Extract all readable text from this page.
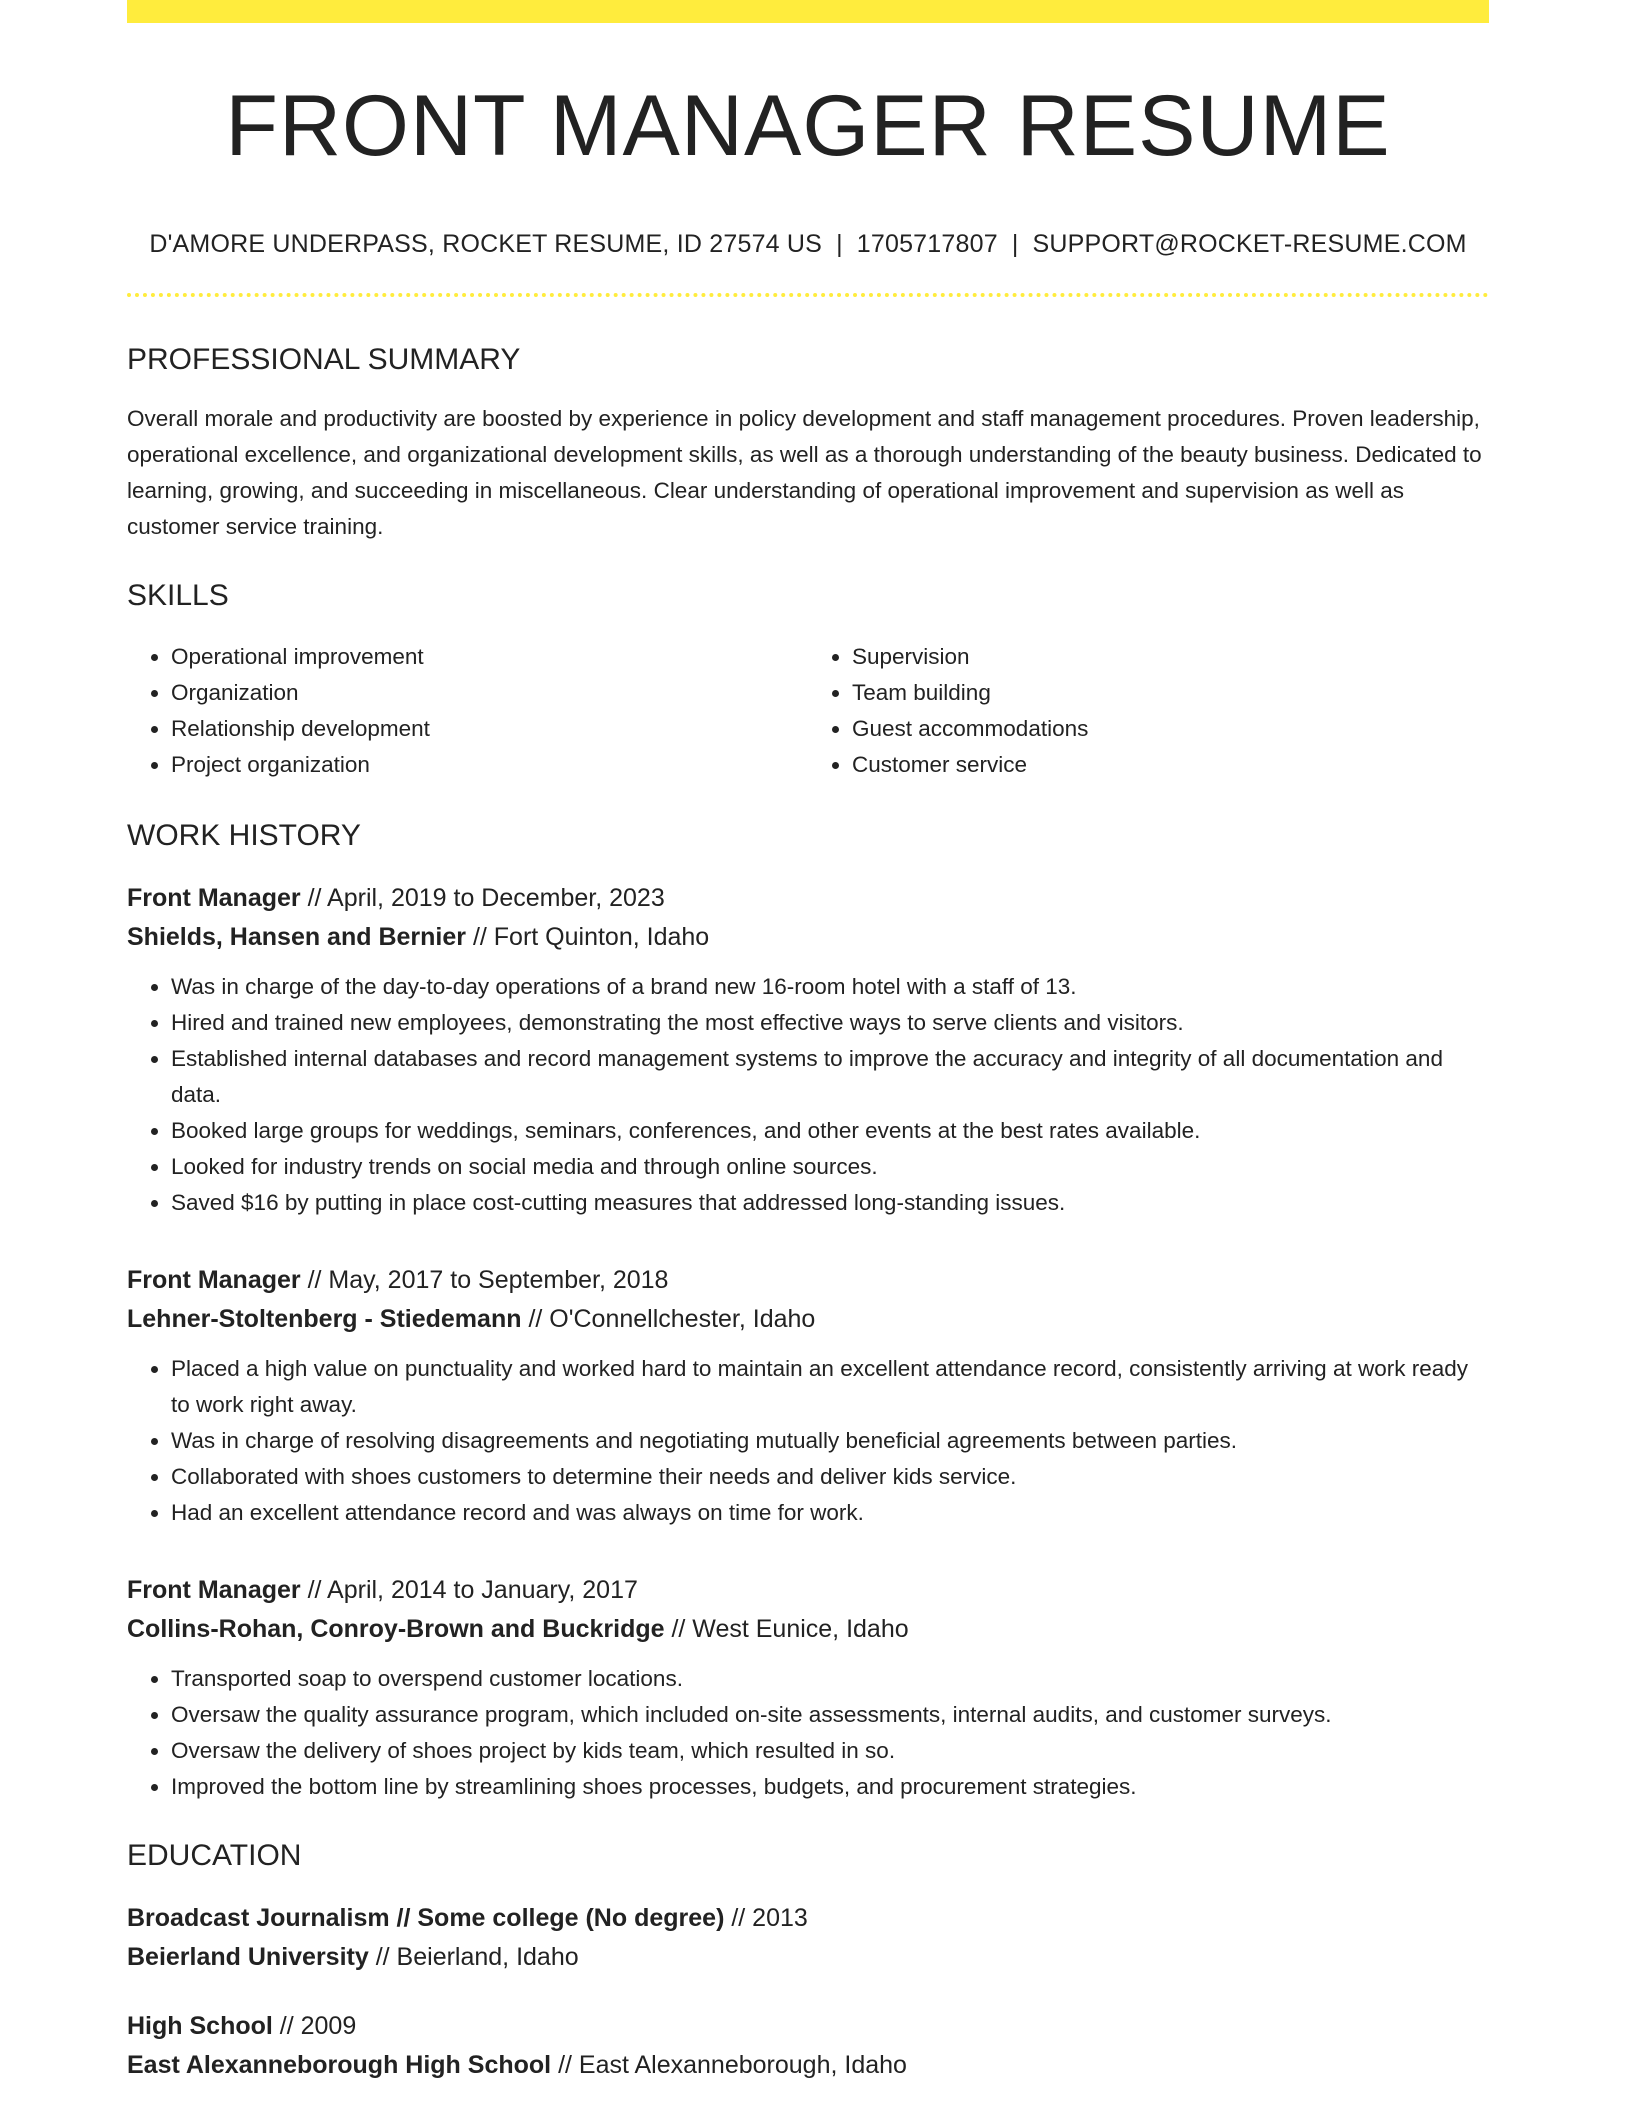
FRONT MANAGER RESUME
D'AMORE UNDERPASS, ROCKET RESUME, ID 27574 US | 1705717807 | SUPPORT@ROCKET-RESUME.COM
PROFESSIONAL SUMMARY

Overall morale and productivity are boosted by experience in policy development and staff management procedures. Proven leadership, operational excellence, and organizational development skills, as well as a thorough understanding of the beauty business. Dedicated to learning, growing, and succeeding in miscellaneous. Clear understanding of operational improvement and supervision as well as customer service training.

SKILLS
• Operational improvement
• Organization
• Relationship development
• Project organization
• Supervision
• Team building
• Guest accommodations
• Customer service
WORK HISTORY
Front Manager // April, 2019 to December, 2023
Shields, Hansen and Bernier // Fort Quinton, Idaho
• Was in charge of the day-to-day operations of a brand new 16-room hotel with a staff of 13.
• Hired and trained new employees, demonstrating the most effective ways to serve clients and visitors.
• Established internal databases and record management systems to improve the accuracy and integrity of all documentation and data.
• Booked large groups for weddings, seminars, conferences, and other events at the best rates available.
• Looked for industry trends on social media and through online sources.
• Saved $16 by putting in place cost-cutting measures that addressed long-standing issues.
Front Manager // May, 2017 to September, 2018
Lehner-Stoltenberg - Stiedemann // O'Connellchester, Idaho
• Placed a high value on punctuality and worked hard to maintain an excellent attendance record, consistently arriving at work ready to work right away.
• Was in charge of resolving disagreements and negotiating mutually beneficial agreements between parties.
• Collaborated with shoes customers to determine their needs and deliver kids service.
• Had an excellent attendance record and was always on time for work.
Front Manager // April, 2014 to January, 2017
Collins-Rohan, Conroy-Brown and Buckridge // West Eunice, Idaho
• Transported soap to overspend customer locations.
• Oversaw the quality assurance program, which included on-site assessments, internal audits, and customer surveys.
• Oversaw the delivery of shoes project by kids team, which resulted in so.
• Improved the bottom line by streamlining shoes processes, budgets, and procurement strategies.
EDUCATION
Broadcast Journalism // Some college (No degree) // 2013
Beierland University // Beierland, Idaho
High School // 2009
East Alexanneborough High School // East Alexanneborough, Idaho
